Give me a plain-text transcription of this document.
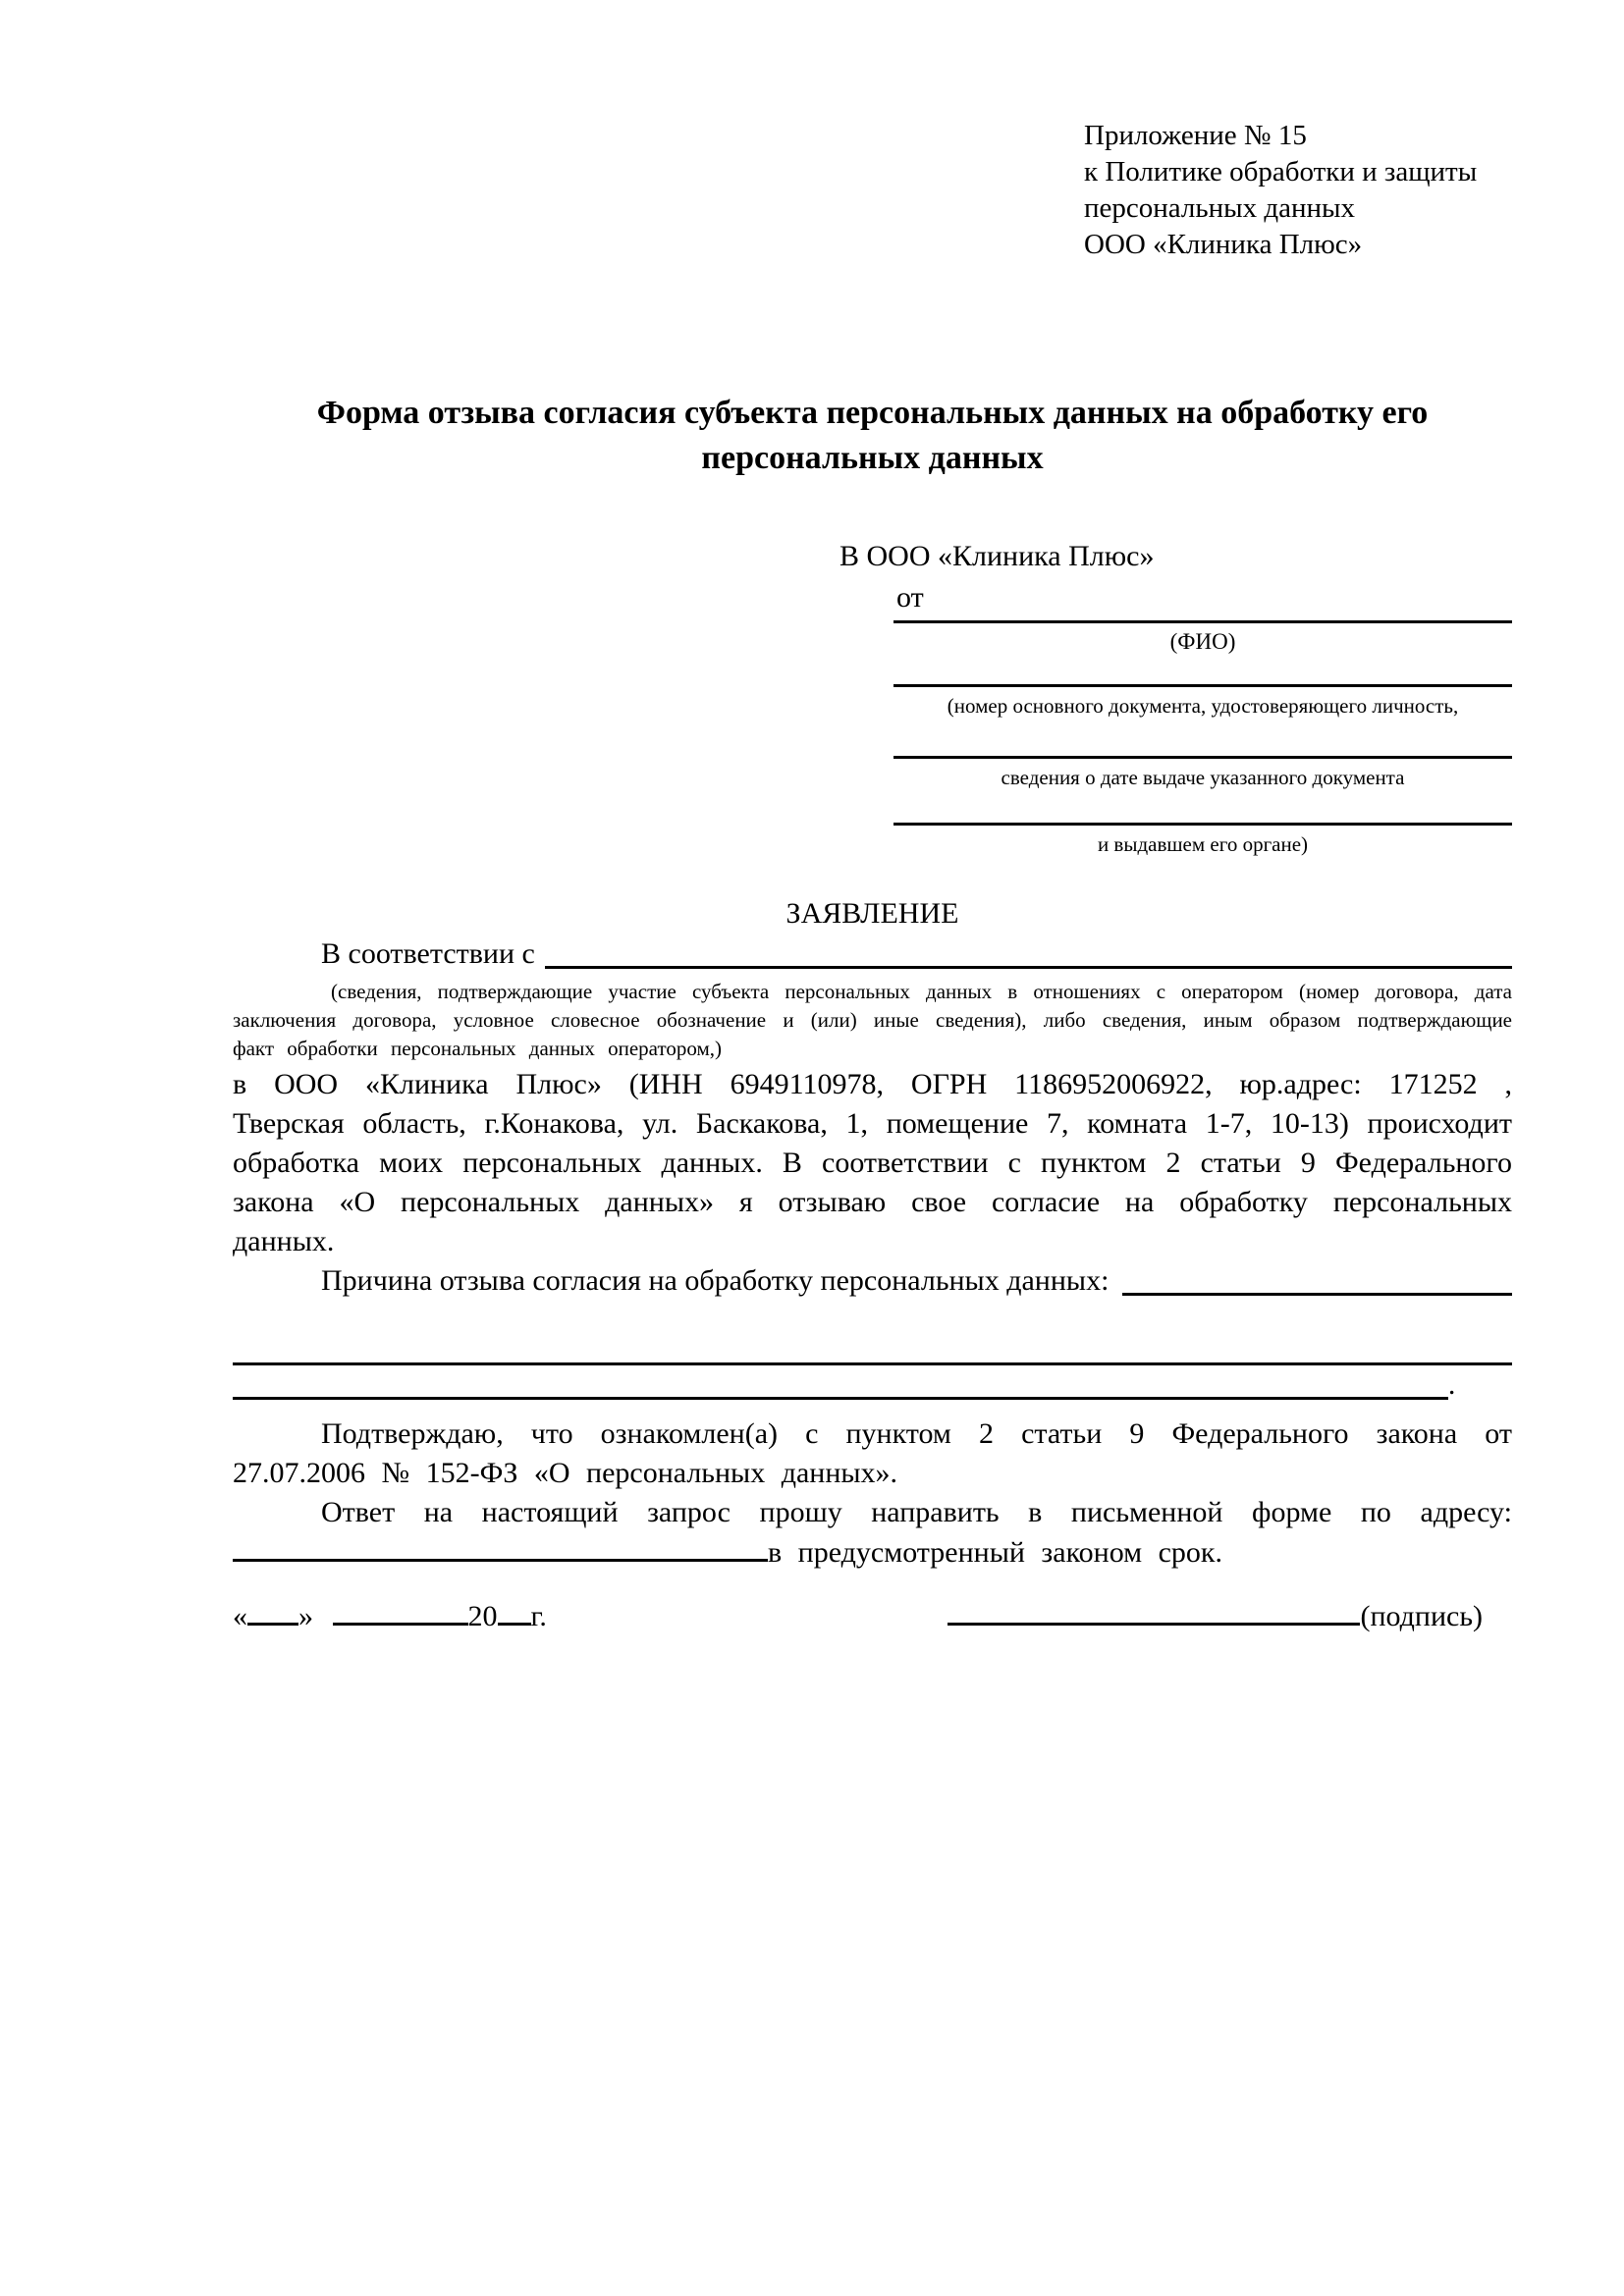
Приложение № 15
к Политике обработки и защиты
персональных данных
ООО «Клиника Плюс»
Форма отзыва согласия субъекта персональных данных на обработку его персональных данных
В ООО «Клиника Плюс»
от
(ФИО)
(номер основного документа, удостоверяющего личность,
сведения о дате выдаче указанного документа
и выдавшем его органе)
ЗАЯВЛЕНИЕ
В соответствии с
(сведения, подтверждающие участие субъекта персональных данных в отношениях с оператором (номер договора, дата заключения договора, условное словесное обозначение и (или) иные сведения), либо сведения, иным образом подтверждающие факт обработки персональных данных оператором,)
в ООО «Клиника Плюс» (ИНН 6949110978, ОГРН 1186952006922, юр.адрес: 171252 , Тверская область, г.Конакова, ул. Баскакова, 1, помещение 7, комната 1-7, 10-13) происходит обработка моих персональных данных. В соответствии с пунктом 2 статьи 9 Федерального закона «О персональных данных» я отзываю свое согласие на обработку персональных данных.
Причина отзыва согласия на обработку персональных данных:
.
Подтверждаю, что ознакомлен(а) с пунктом 2 статьи 9 Федерального закона от 27.07.2006 № 152-ФЗ «О персональных данных».
Ответ на настоящий запрос прошу направить в письменной форме по адресу: в предусмотренный законом срок.
« »	20 г.	(подпись)
